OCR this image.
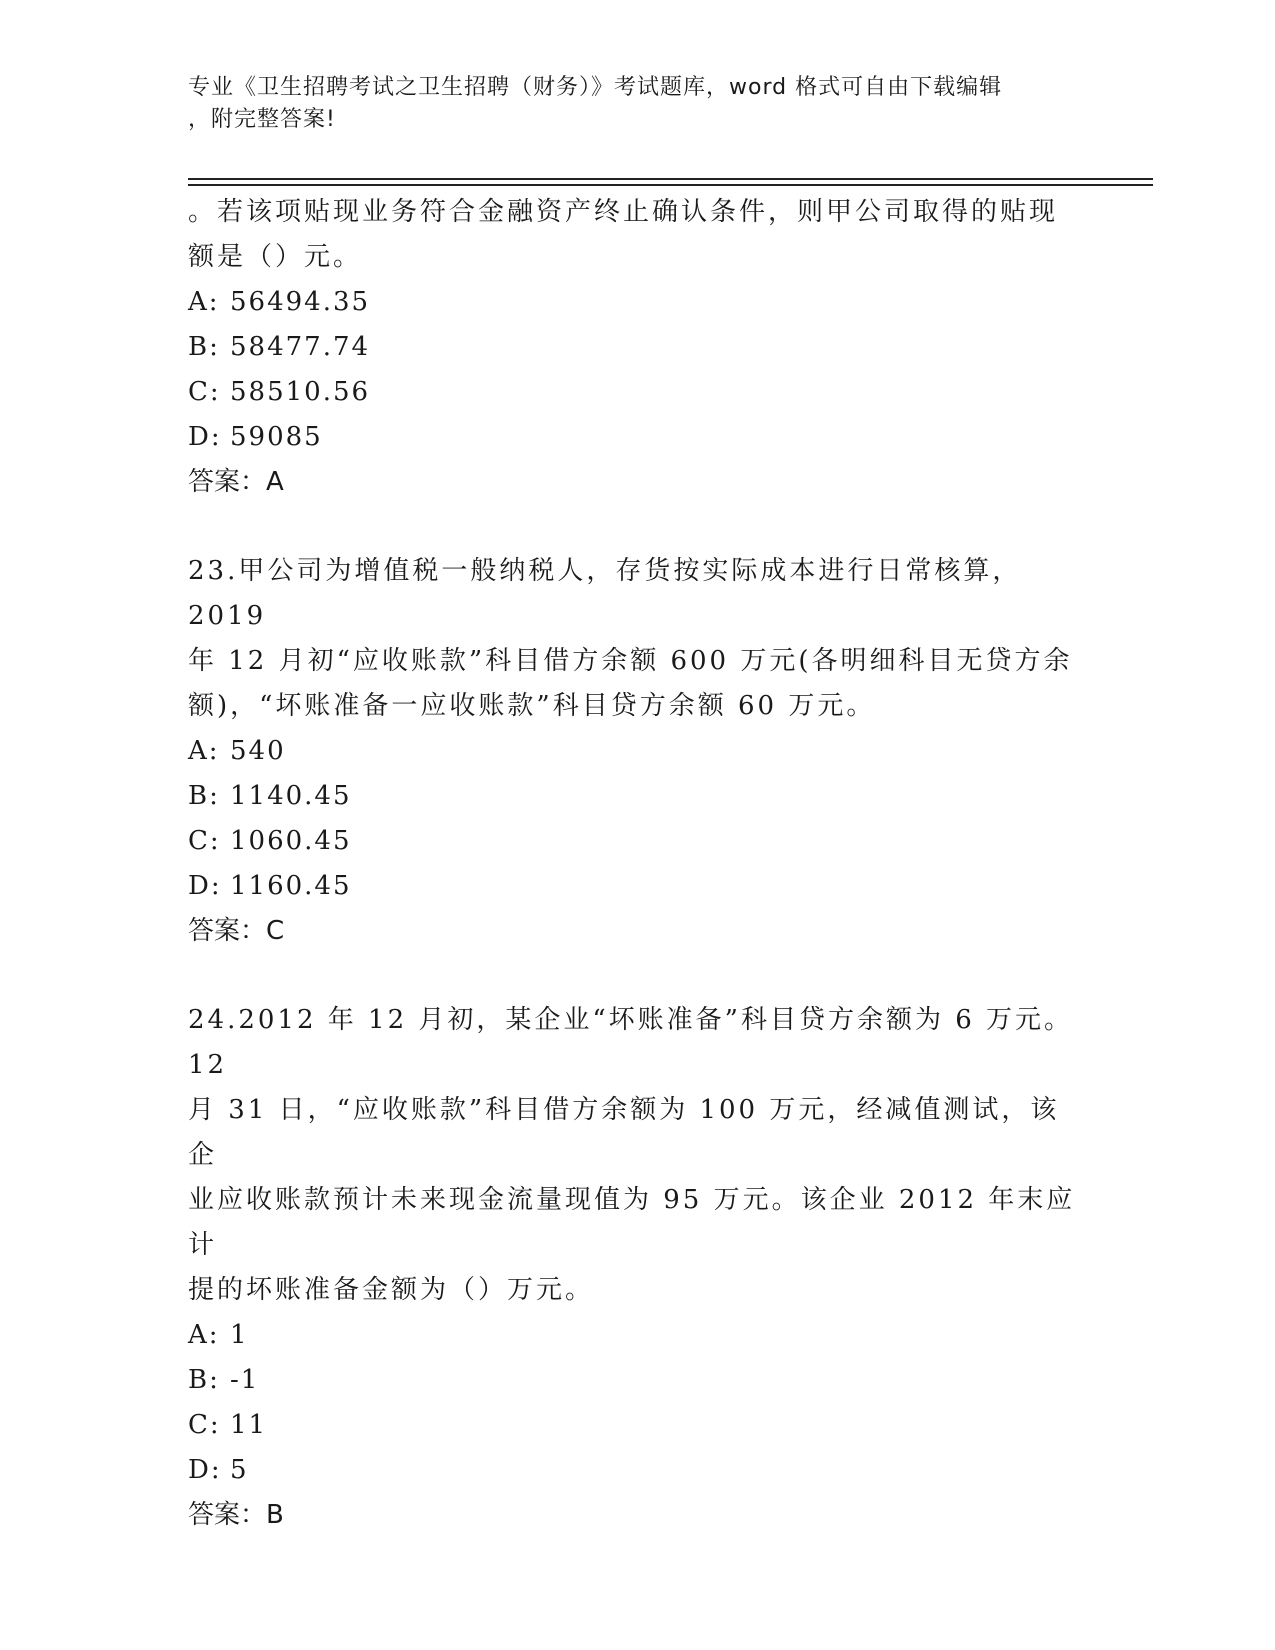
专业《卫生招聘考试之卫生招聘（财务）》考试题库，word 格式可自由下载编辑
，附完整答案!

。若该项贴现业务符合金融资产终止确认条件，则甲公司取得的贴现

额是（）元。

A: 56494.35

B: 58477.74

C: 58510.56

D: 59085

答案：A

23.甲公司为增值税一般纳税人，存货按实际成本进行日常核算，2019

年 12 月初“应收账款”科目借方余额 600 万元(各明细科目无贷方余

额)，“坏账准备一应收账款”科目贷方余额 60 万元。

A: 540

B: 1140.45

C: 1060.45

D: 1160.45

答案：C

24.2012 年 12 月初，某企业“坏账准备”科目贷方余额为 6 万元。12

月 31 日，“应收账款”科目借方余额为 100 万元，经减值测试，该企

业应收账款预计未来现金流量现值为 95 万元。该企业 2012 年末应计

提的坏账准备金额为（）万元。

A: 1

B: -1

C: 11

D: 5

答案：B
